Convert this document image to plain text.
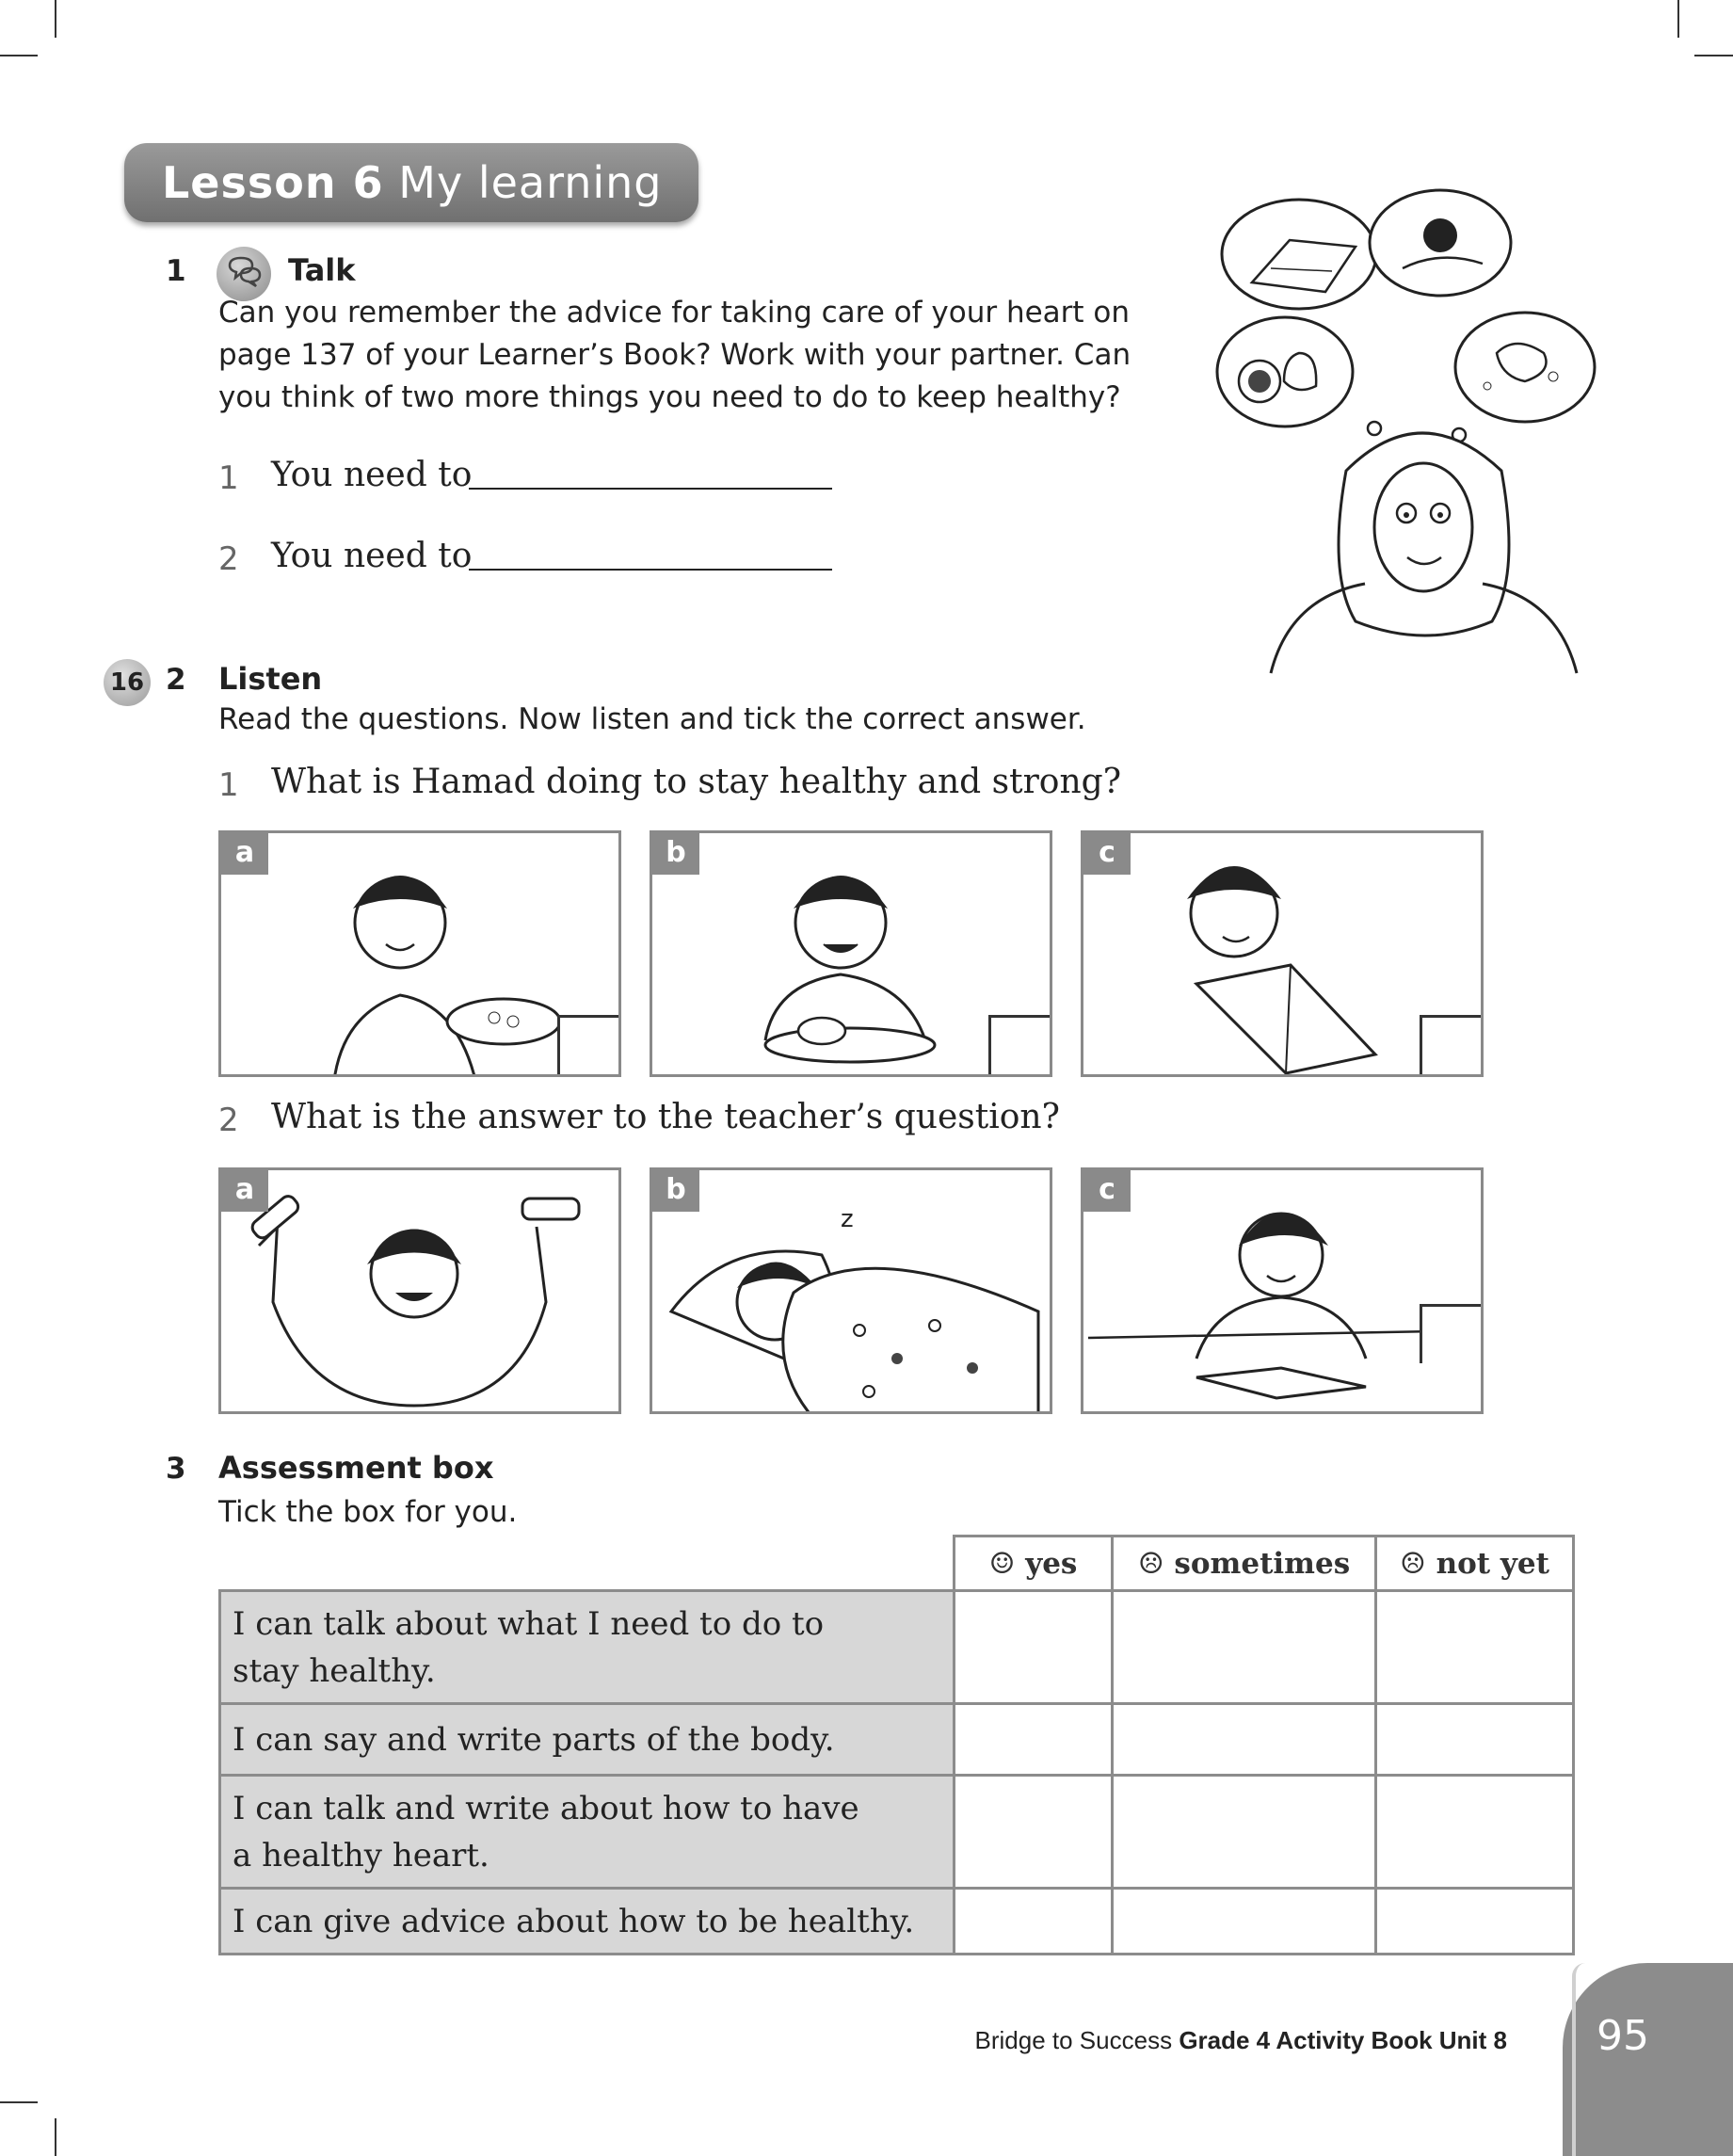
Lesson 6 My learning
1	Talk
Can you remember the advice for taking care of your heart on
page 137 of your Learner’s Book? Work with your partner. Can
you think of two more things you need to do to keep healthy?
1 You need to
2 You need to
16 2 Listen
Read the questions. Now listen and tick the correct answer.
1 What is Hamad doing to stay healthy and strong?
a	b	c
2 What is the answer to the teacher’s question?
a
z
b	c
3 Assessment box
Tick the box for you.
	☺ yes	☹ sometimes	☹ not yet

I can talk about what I need to do to
stay healthy.			

I can say and write parts of the body.			

I can talk and write about how to have
a healthy heart.			

I can give advice about how to be healthy.			

Bridge to Success Grade 4 Activity Book Unit 8 95
